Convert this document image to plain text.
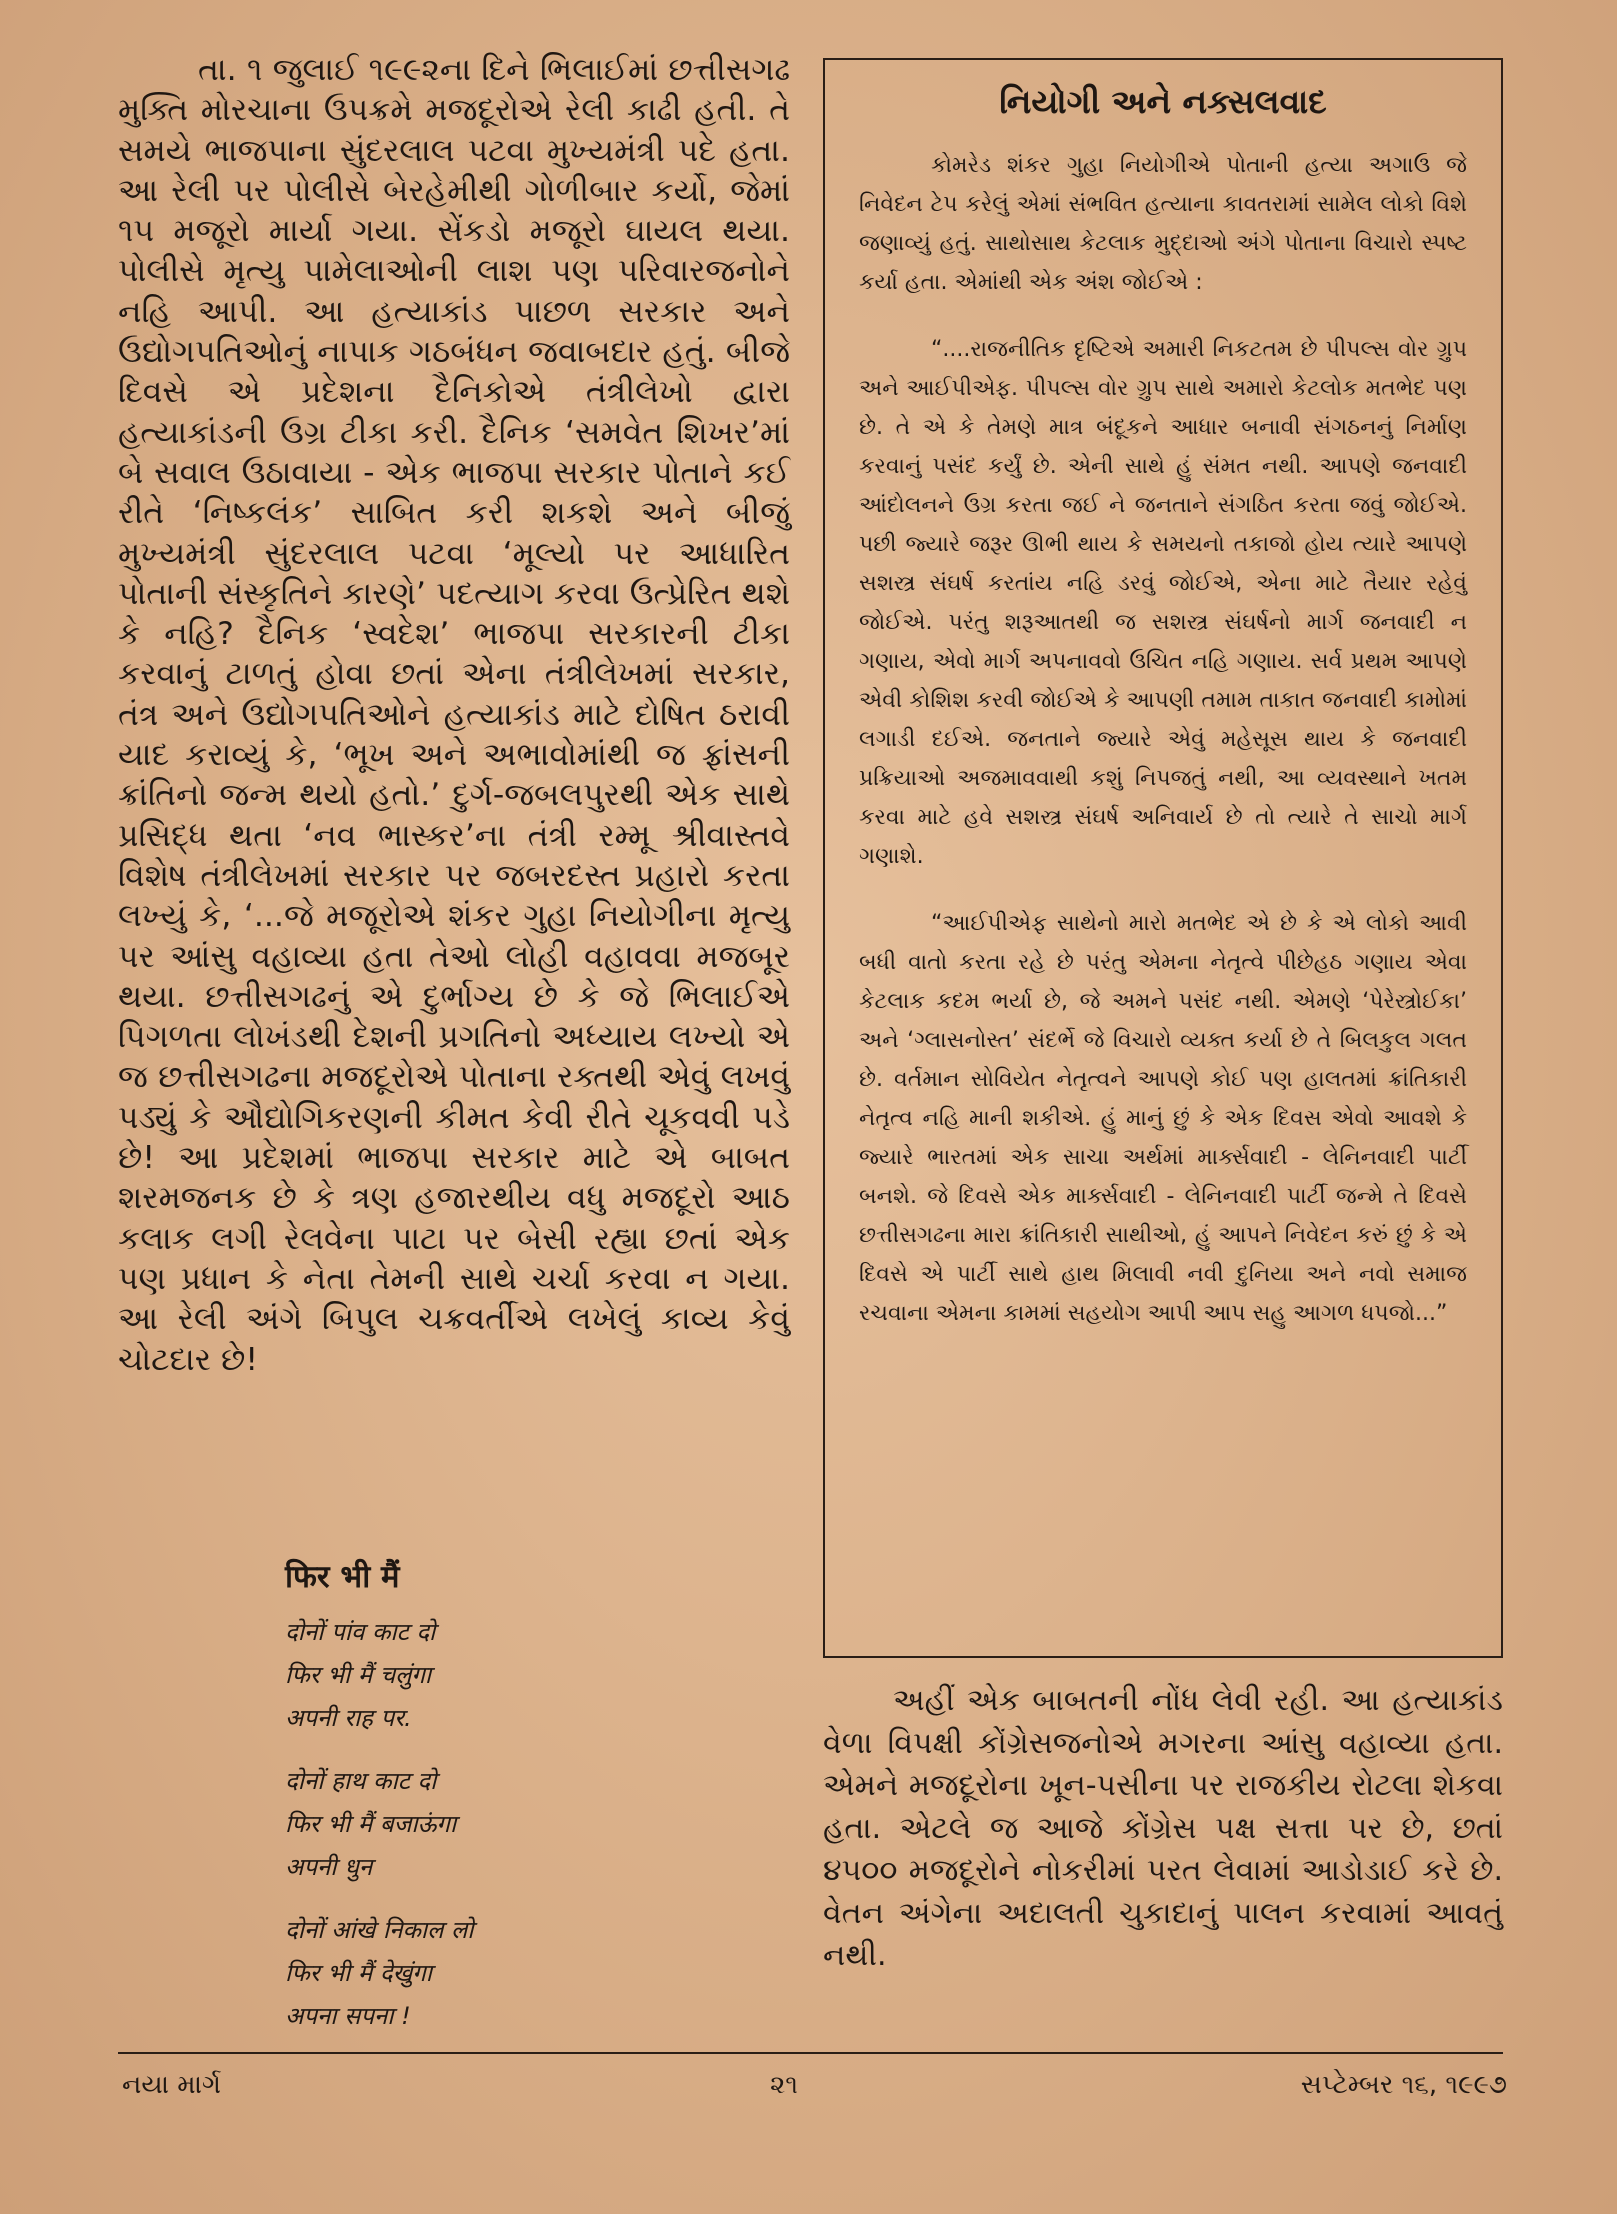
તા. ૧ જુલાઈ ૧૯૯૨ના દિને ભિલાઈમાં છત્તીસગઢ મુક્તિ મોરચાના ઉપક્રમે મજદૂરોએ રેલી કાઢી હતી. તે સમયે ભાજપાના સુંદરલાલ પટવા મુખ્યમંત્રી પદે હતા. આ રેલી પર પોલીસે બેરહેમીથી ગોળીબાર કર્યો, જેમાં ૧૫ મજૂરો માર્યા ગયા. સેંકડો મજૂરો ઘાયલ થયા. પોલીસે મૃત્યુ પામેલાઓની લાશ પણ પરિવારજનોને નહિ આપી. આ હત્યાકાંડ પાછળ સરકાર અને ઉદ્યોગપતિઓનું નાપાક ગઠબંધન જવાબદાર હતું. બીજે દિવસે એ પ્રદેશના દૈનિકોએ તંત્રીલેખો દ્વારા હત્યાકાંડની ઉગ્ર ટીકા કરી. દૈનિક ‘સમવેત શિખર’માં બે સવાલ ઉઠાવાયા - એક ભાજપા સરકાર પોતાને કઈ રીતે ‘નિષ્કલંક’ સાબિત કરી શકશે અને બીજું મુખ્યમંત્રી સુંદરલાલ પટવા ‘મૂલ્યો પર આધારિત પોતાની સંસ્કૃતિને કારણે’ પદત્યાગ કરવા ઉત્પ્રેરિત થશે કે નહિ? દૈનિક ‘સ્વદેશ’ ભાજપા સરકારની ટીકા કરવાનું ટાળતું હોવા છતાં એના તંત્રીલેખમાં સરકાર, તંત્ર અને ઉદ્યોગપતિઓને હત્યાકાંડ માટે દોષિત ઠરાવી યાદ કરાવ્યું કે, ‘ભૂખ અને અભાવોમાંથી જ ફ્રાંસની ક્રાંતિનો જન્મ થયો હતો.’ દુર્ગ-જબલપુરથી એક સાથે પ્રસિદ્ધ થતા ‘નવ ભાસ્કર’ના તંત્રી રમ્મૂ શ્રીવાસ્તવે વિશેષ તંત્રીલેખમાં સરકાર પર જબરદસ્ત પ્રહારો કરતા લખ્યું કે, ‘...જે મજૂરોએ શંકર ગુહા નિયોગીના મૃત્યુ પર આંસુ વહાવ્યા હતા તેઓ લોહી વહાવવા મજબૂર થયા. છત્તીસગઢનું એ દુર્ભાગ્ય છે કે જે ભિલાઈએ પિગળતા લોખંડથી દેશની પ્રગતિનો અધ્યાય લખ્યો એ જ છત્તીસગઢના મજદૂરોએ પોતાના રક્તથી એવું લખવું પડ્યું કે ઔદ્યોગિકરણની કીમત કેવી રીતે ચૂકવવી પડે છે! આ પ્રદેશમાં ભાજપા સરકાર માટે એ બાબત શરમજનક છે કે ત્રણ હજારથીય વધુ મજદૂરો આઠ કલાક લગી રેલવેના પાટા પર બેસી રહ્યા છતાં એક પણ પ્રધાન કે નેતા તેમની સાથે ચર્ચા કરવા ન ગયા. આ રેલી અંગે બિપુલ ચક્રવર્તીએ લખેલું કાવ્ય કેવું ચોટદાર છે!

फिर भी मैं
दोनों पांव काट दो
फिर भी मैं चलुंगा
अपनी राह पर.
दोनों हाथ काट दो
फिर भी मैं बजाऊंगा
अपनी धुन
दोनों आंखे निकाल लो
फिर भी मैं देखुंगा
अपना सपना !
નિયોગી અને નક્સલવાદ

કોમરેડ શંકર ગુહા નિયોગીએ પોતાની હત્યા અગાઉ જે નિવેદન ટેપ કરેલું એમાં સંભવિત હત્યાના કાવતરામાં સામેલ લોકો વિશે જણાવ્યું હતું. સાથોસાથ કેટલાક મુદ્દાઓ અંગે પોતાના વિચારો સ્પષ્ટ કર્યા હતા. એમાંથી એક અંશ જોઈએ :

“....રાજનીતિક દૃષ્ટિએ અમારી નિકટતમ છે પીપલ્સ વોર ગ્રુપ અને આઈપીએફ. પીપલ્સ વોર ગ્રુપ સાથે અમારો કેટલોક મતભેદ પણ છે. તે એ કે તેમણે માત્ર બંદૂકને આધાર બનાવી સંગઠનનું નિર્માણ કરવાનું પસંદ કર્યું છે. એની સાથે હું સંમત નથી. આપણે જનવાદી આંદોલનને ઉગ્ર કરતા જઈ ને જનતાને સંગઠિત કરતા જવું જોઈએ. પછી જ્યારે જરૂર ઊભી થાય કે સમયનો તકાજો હોય ત્યારે આપણે સશસ્ત્ર સંઘર્ષ કરતાંય નહિ ડરવું જોઈએ, એના માટે તૈયાર રહેવું જોઈએ. પરંતુ શરૂઆતથી જ સશસ્ત્ર સંઘર્ષનો માર્ગ જનવાદી ન ગણાય, એવો માર્ગ અપનાવવો ઉચિત નહિ ગણાય. સર્વ પ્રથમ આપણે એવી કોશિશ કરવી જોઈએ કે આપણી તમામ તાકાત જનવાદી કામોમાં લગાડી દઈએ. જનતાને જ્યારે એવું મહેસૂસ થાય કે જનવાદી પ્રક્રિયાઓ અજમાવવાથી કશું નિપજતું નથી, આ વ્યવસ્થાને ખતમ કરવા માટે હવે સશસ્ત્ર સંઘર્ષ અનિવાર્ય છે તો ત્યારે તે સાચો માર્ગ ગણાશે.

“આઈપીએફ સાથેનો મારો મતભેદ એ છે કે એ લોકો આવી બધી વાતો કરતા રહે છે પરંતુ એમના નેતૃત્વે પીછેહઠ ગણાય એવા કેટલાક કદમ ભર્યા છે, જે અમને પસંદ નથી. એમણે ‘પેરેસ્ત્રોઈકા’ અને ‘ગ્લાસનોસ્ત’ સંદર્ભે જે વિચારો વ્યક્ત કર્યા છે તે બિલકુલ ગલત છે. વર્તમાન સોવિયેત નેતૃત્વને આપણે કોઈ પણ હાલતમાં ક્રાંતિકારી નેતૃત્વ નહિ માની શકીએ. હું માનું છું કે એક દિવસ એવો આવશે કે જ્યારે ભારતમાં એક સાચા અર્થમાં માર્ક્સવાદી - લેનિનવાદી પાર્ટી બનશે. જે દિવસે એક માર્ક્સવાદી - લેનિનવાદી પાર્ટી જન્મે તે દિવસે છત્તીસગઢના મારા ક્રાંતિકારી સાથીઓ, હું આપને નિવેદન કરું છું કે એ દિવસે એ પાર્ટી સાથે હાથ મિલાવી નવી દુનિયા અને નવો સમાજ રચવાના એમના કામમાં સહયોગ આપી આપ સહુ આગળ ધપજો...”

અહીં એક બાબતની નોંધ લેવી રહી. આ હત્યાકાંડ વેળા વિપક્ષી કોંગ્રેસજનોએ મગરના આંસુ વહાવ્યા હતા. એમને મજદૂરોના ખૂન-પસીના પર રાજકીય રોટલા શેકવા હતા. એટલે જ આજે કોંગ્રેસ પક્ષ સત્તા પર છે, છતાં ૪૫૦૦ મજદૂરોને નોકરીમાં પરત લેવામાં આડોડાઈ કરે છે. વેતન અંગેના અદાલતી ચુકાદાનું પાલન કરવામાં આવતું નથી.

નયા માર્ગ	૨૧	સપ્ટેમ્બર ૧૬, ૧૯૯૭
